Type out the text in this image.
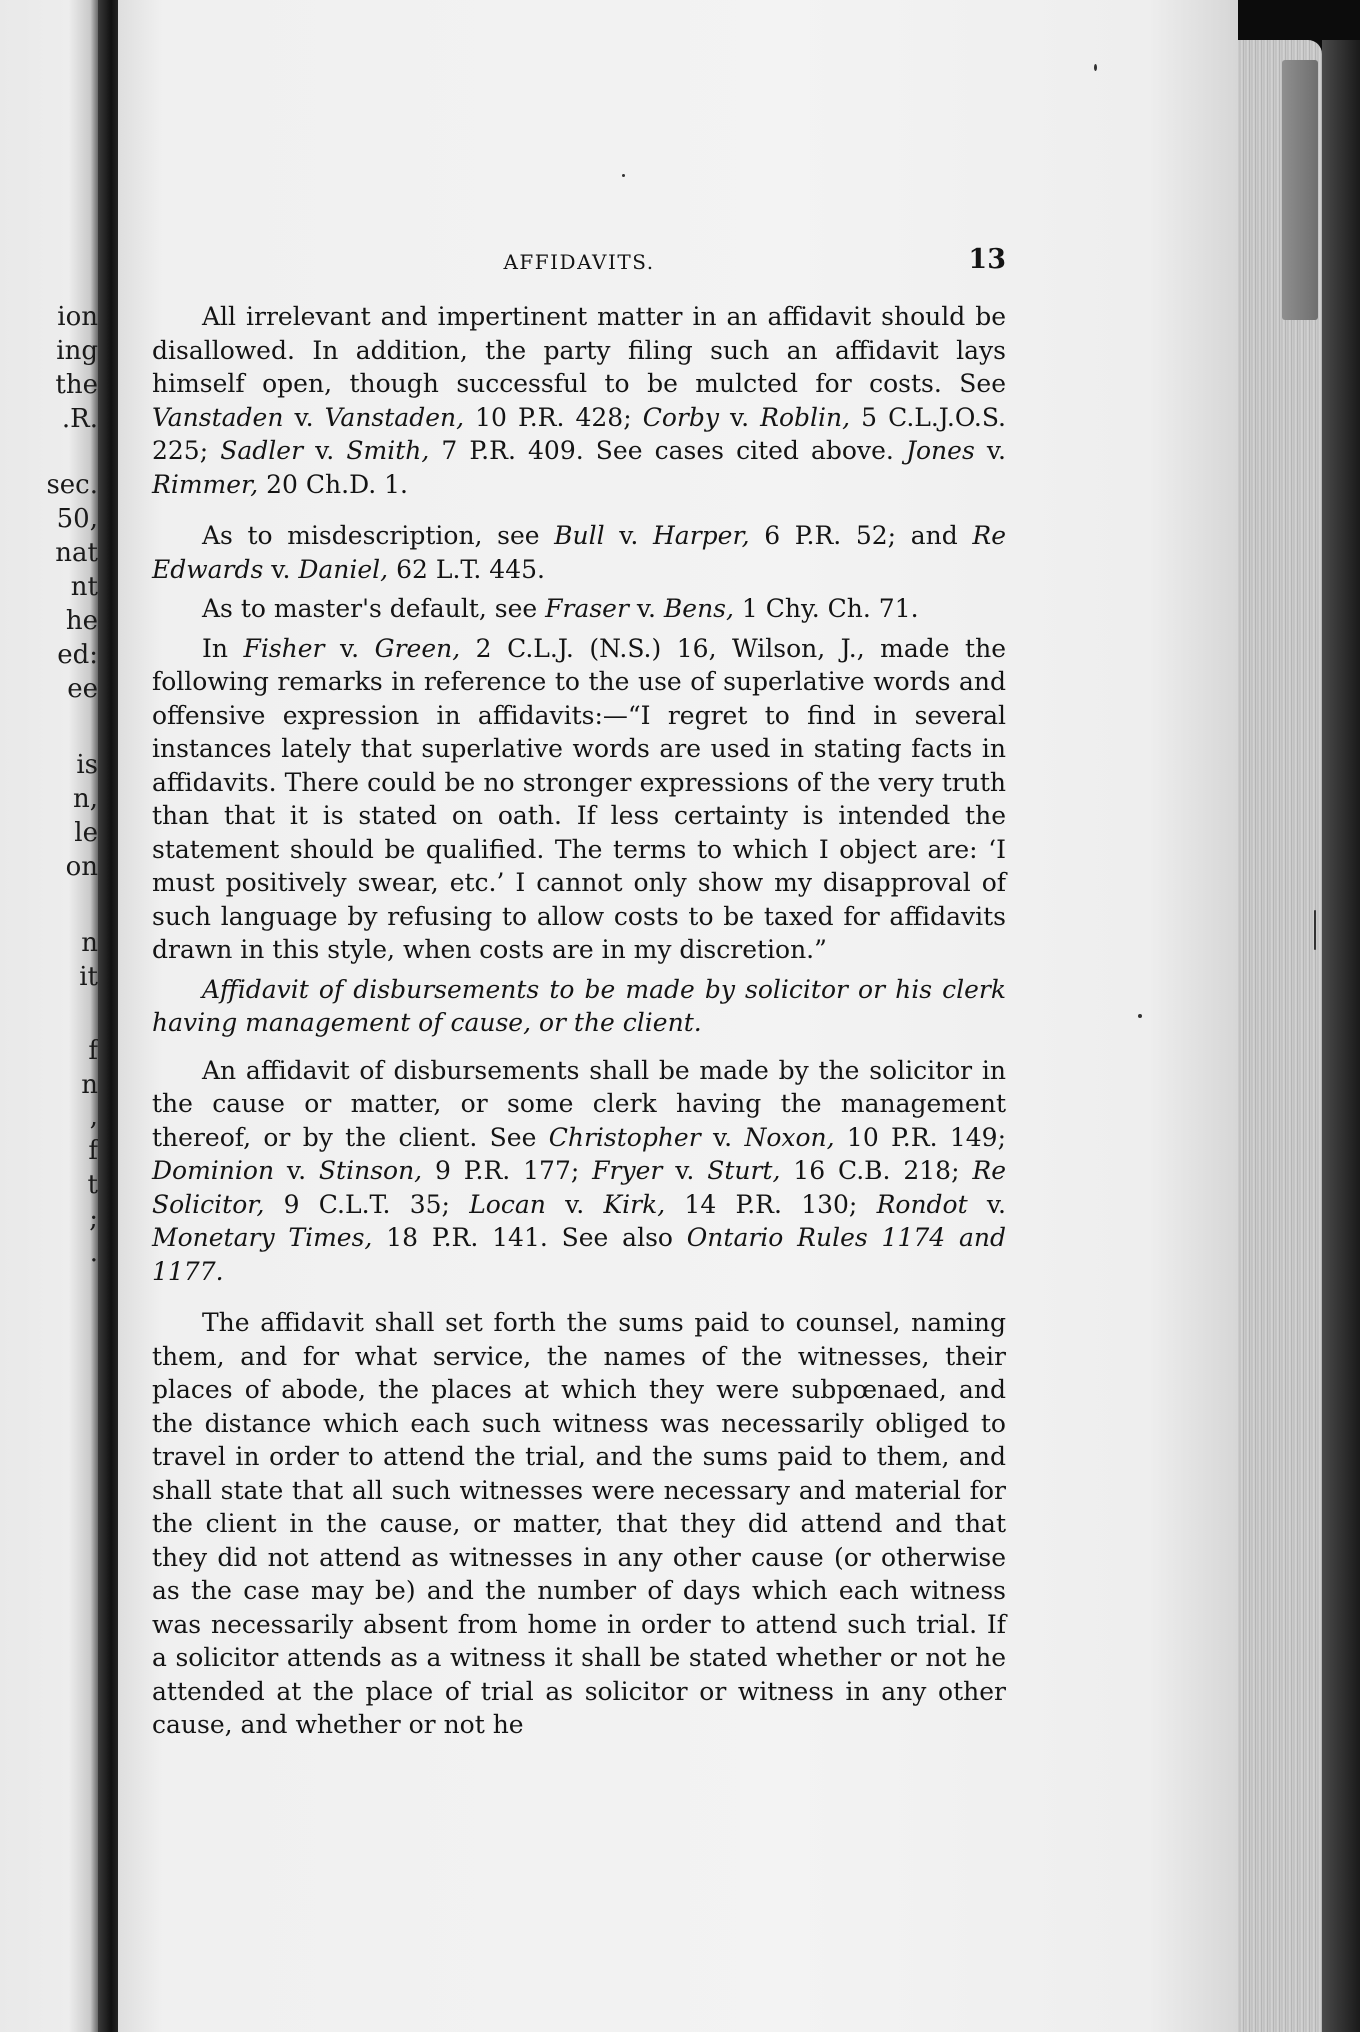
ion
ing
the
.R.
sec.
50,
nat
nt
he
ed:
ee
is
n,
le
on
n
it
f
n
,
f
t
;
.
AFFIDAVITS.	13

All irrelevant and impertinent matter in an affidavit should be disallowed. In addition, the party filing such an affidavit lays himself open, though successful to be mulcted for costs. See Vanstaden v. Vanstaden, 10 P.R. 428; Corby v. Roblin, 5 C.L.J.O.S. 225; Sadler v. Smith, 7 P.R. 409. See cases cited above. Jones v. Rimmer, 20 Ch.D. 1.

As to misdescription, see Bull v. Harper, 6 P.R. 52; and Re Edwards v. Daniel, 62 L.T. 445.

As to master's default, see Fraser v. Bens, 1 Chy. Ch. 71.

In Fisher v. Green, 2 C.L.J. (N.S.) 16, Wilson, J., made the following remarks in reference to the use of superlative words and offensive expression in affidavits:—“I regret to find in several instances lately that superlative words are used in stating facts in affidavits. There could be no stronger expressions of the very truth than that it is stated on oath. If less certainty is intended the statement should be qualified. The terms to which I object are: ‘I must positively swear, etc.’ I cannot only show my disapproval of such language by refusing to allow costs to be taxed for affidavits drawn in this style, when costs are in my discretion.”

Affidavit of disbursements to be made by solicitor or his clerk having management of cause, or the client.

An affidavit of disbursements shall be made by the solicitor in the cause or matter, or some clerk having the management thereof, or by the client. See Christopher v. Noxon, 10 P.R. 149; Dominion v. Stinson, 9 P.R. 177; Fryer v. Sturt, 16 C.B. 218; Re Solicitor, 9 C.L.T. 35; Locan v. Kirk, 14 P.R. 130; Rondot v. Monetary Times, 18 P.R. 141. See also Ontario Rules 1174 and 1177.

The affidavit shall set forth the sums paid to counsel, naming them, and for what service, the names of the witnesses, their places of abode, the places at which they were subpœnaed, and the distance which each such witness was necessarily obliged to travel in order to attend the trial, and the sums paid to them, and shall state that all such witnesses were necessary and material for the client in the cause, or matter, that they did attend and that they did not attend as witnesses in any other cause (or otherwise as the case may be) and the number of days which each witness was necessarily absent from home in order to attend such trial. If a solicitor attends as a witness it shall be stated whether or not he attended at the place of trial as solicitor or witness in any other cause, and whether or not he
